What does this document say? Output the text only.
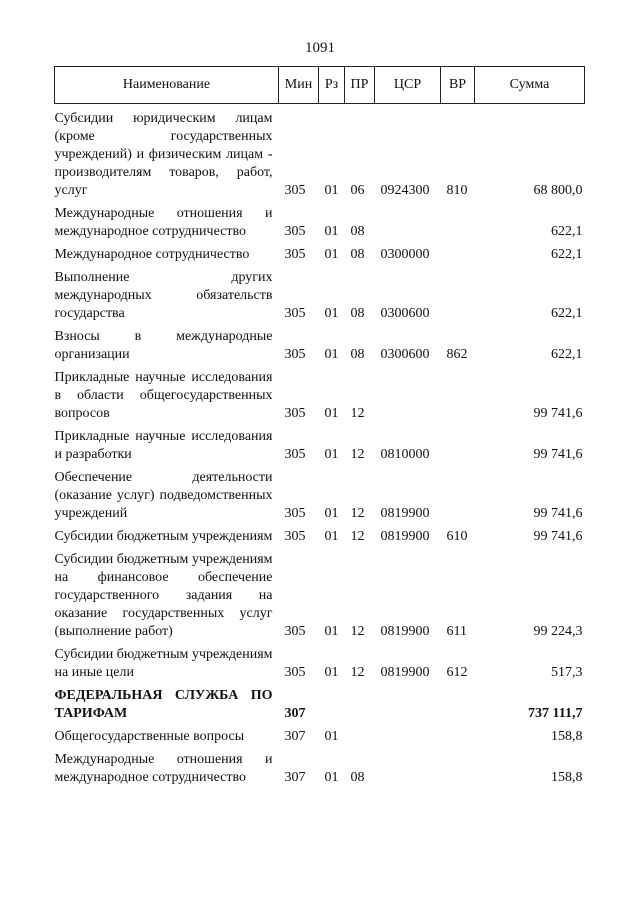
1091
Наименование	Мин	Рз	ПР	ЦСР	ВР	Сумма
Субсидии юридическим лицам (кроме государственных учреждений) и физическим лицам - производителям товаров, работ, услуг	305	01	06	0924300	810	68 800,0
Международные отношения и международное сотрудничество	305	01	08			622,1
Международное сотрудничество	305	01	08	0300000		622,1
Выполнение других международных обязательств государства	305	01	08	0300600		622,1
Взносы в международные организации	305	01	08	0300600	862	622,1
Прикладные научные исследования в области общегосударственных вопросов	305	01	12			99 741,6
Прикладные научные исследования и разработки	305	01	12	0810000		99 741,6
Обеспечение деятельности (оказание услуг) подведомственных учреждений	305	01	12	0819900		99 741,6
Субсидии бюджетным учреждениям	305	01	12	0819900	610	99 741,6
Субсидии бюджетным учреждениям на финансовое обеспечение государственного задания на оказание государственных услуг (выполнение работ)	305	01	12	0819900	611	99 224,3
Субсидии бюджетным учреждениям на иные цели	305	01	12	0819900	612	517,3
ФЕДЕРАЛЬНАЯ СЛУЖБА ПО ТАРИФАМ	307					737 111,7
Общегосударственные вопросы	307	01				158,8
Международные отношения и международное сотрудничество	307	01	08			158,8
